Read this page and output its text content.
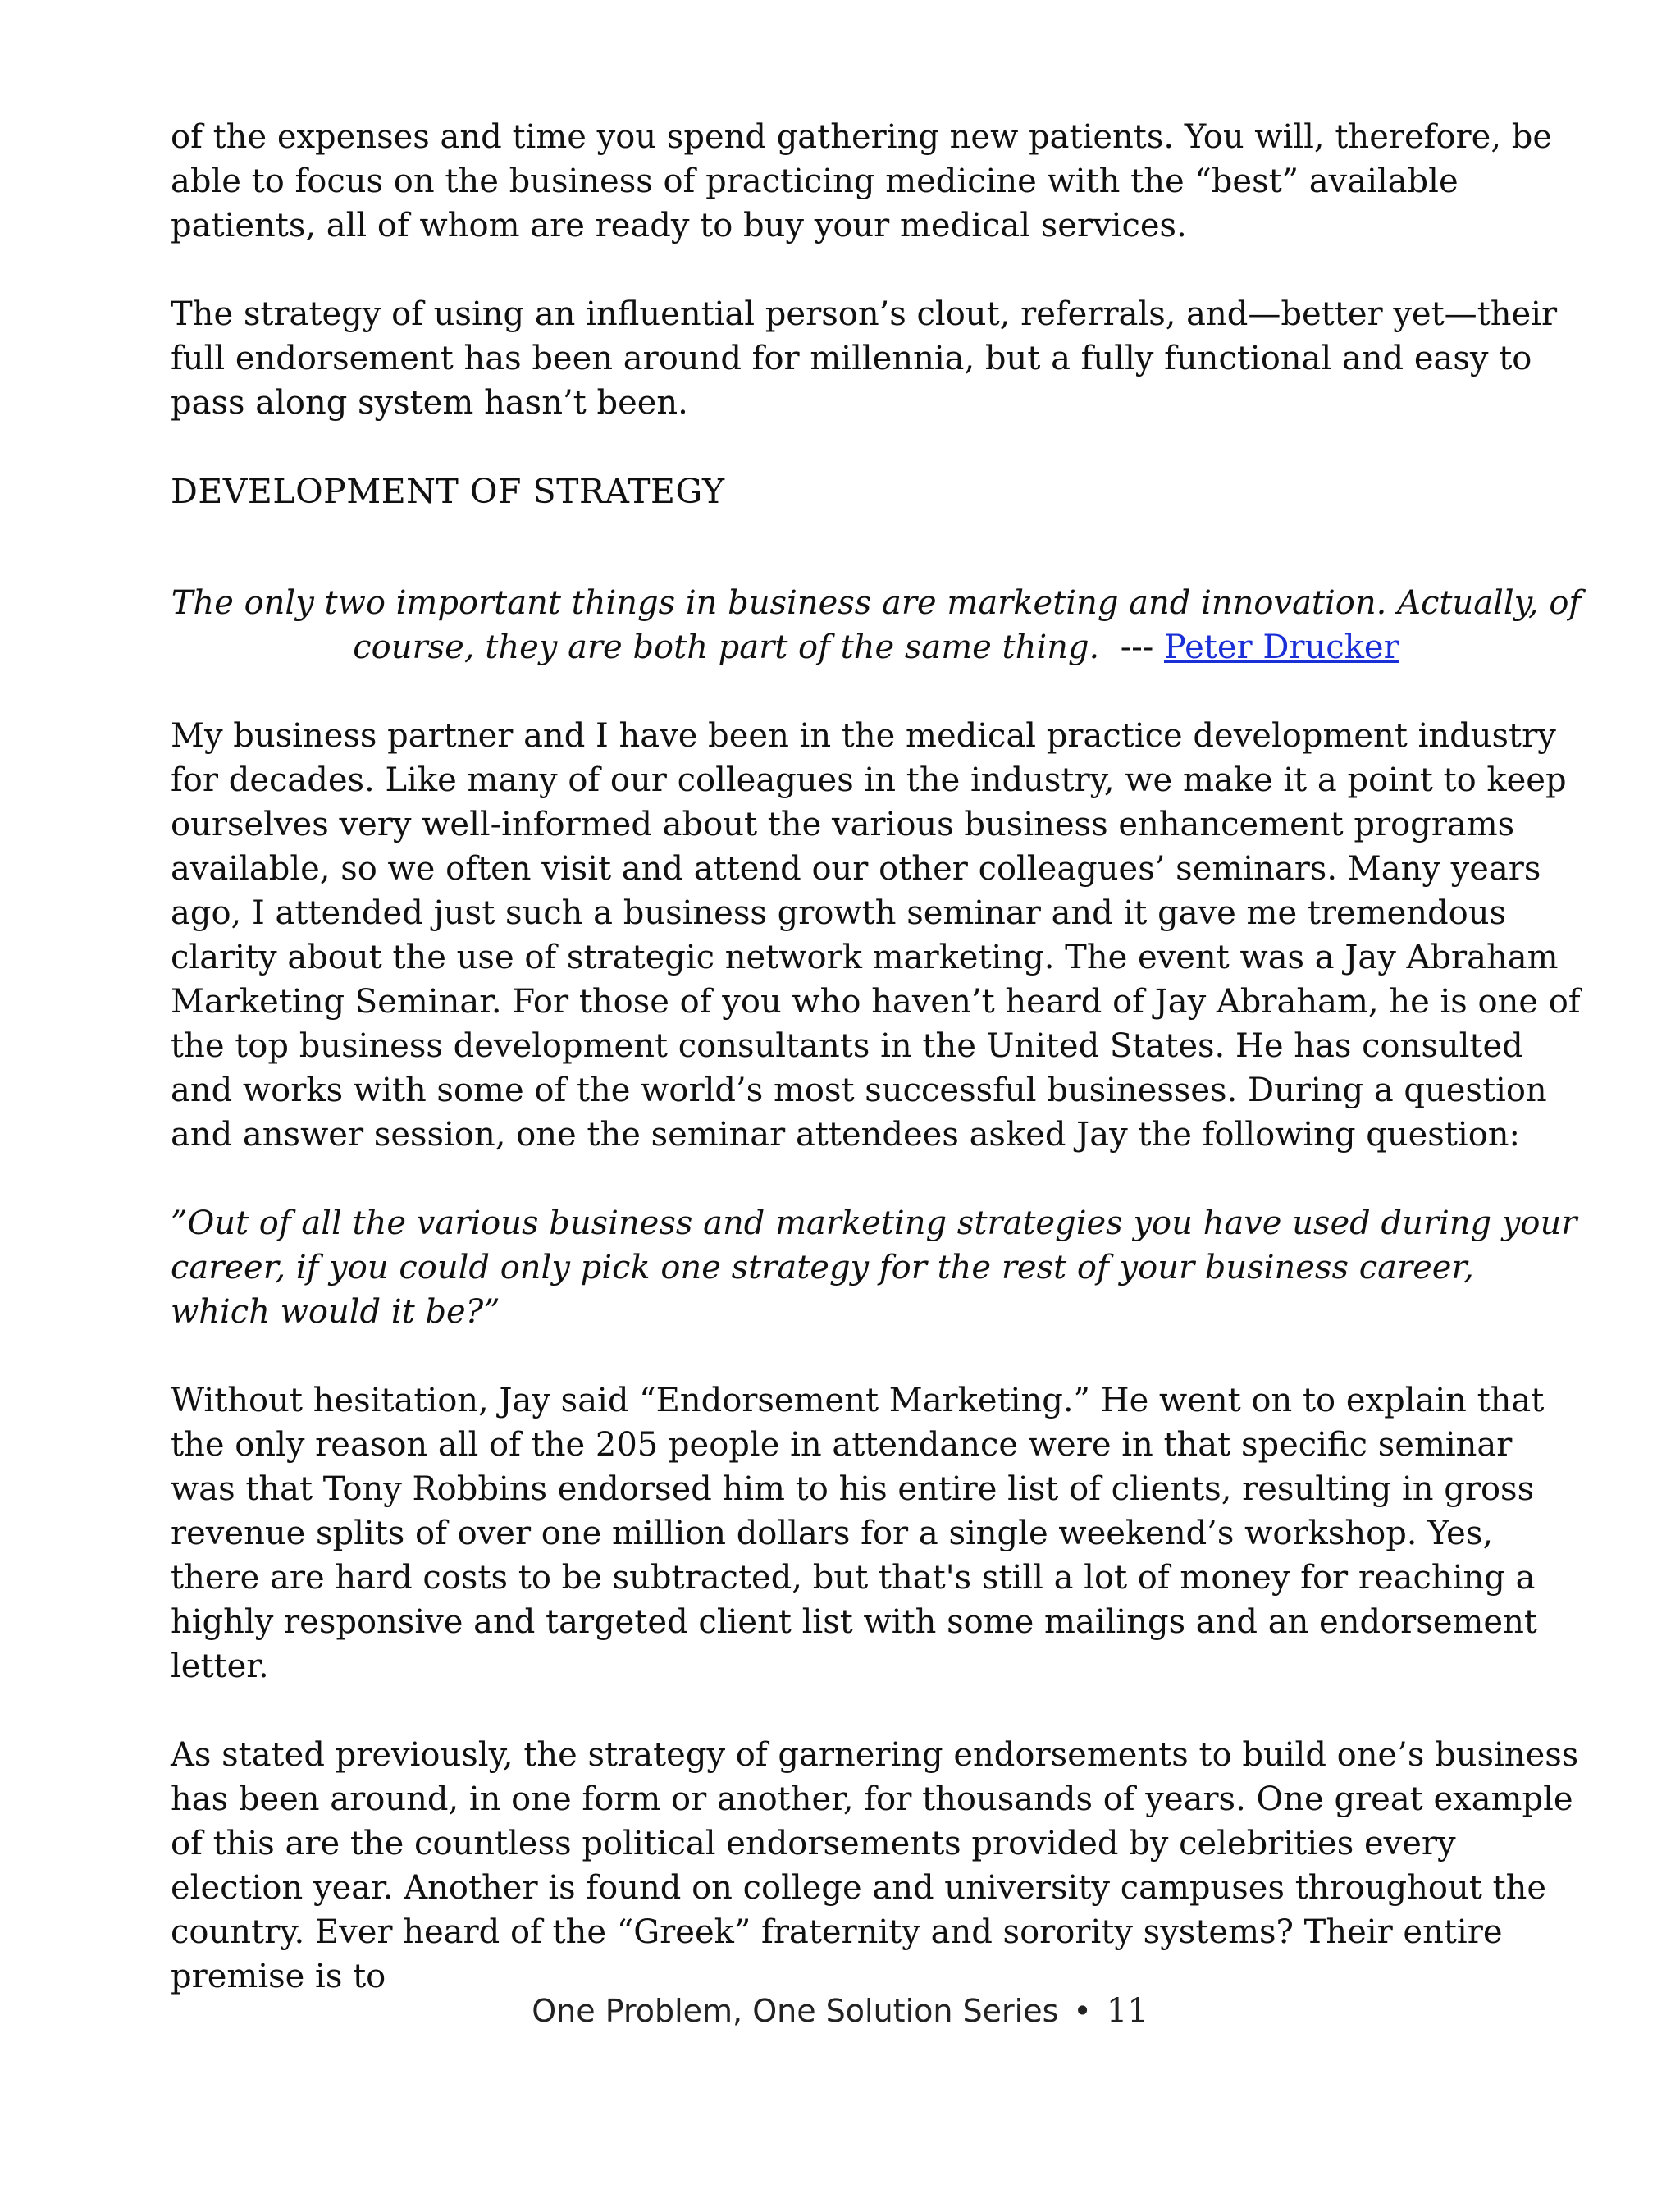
of the expenses and time you spend gathering new patients. You will, therefore, be able to focus on the business of practicing medicine with the “best” available patients, all of whom are ready to buy your medical services.

The strategy of using an influential person’s clout, referrals, and—better yet—their full endorsement has been around for millennia, but a fully functional and easy to pass along system hasn’t been.

DEVELOPMENT OF STRATEGY

The only two important things in business are marketing and innovation. Actually, of course, they are both part of the same thing. --- Peter Drucker

My business partner and I have been in the medical practice development industry for decades. Like many of our colleagues in the industry, we make it a point to keep ourselves very well-informed about the various business enhancement programs available, so we often visit and attend our other colleagues’ seminars. Many years ago, I attended just such a business growth seminar and it gave me tremendous clarity about the use of strategic network marketing. The event was a Jay Abraham Marketing Seminar. For those of you who haven’t heard of Jay Abraham, he is one of the top business development consultants in the United States. He has consulted and works with some of the world’s most successful businesses. During a question and answer session, one the seminar attendees asked Jay the following question:

”Out of all the various business and marketing strategies you have used during your career, if you could only pick one strategy for the rest of your business career, which would it be?”

Without hesitation, Jay said “Endorsement Marketing.” He went on to explain that the only reason all of the 205 people in attendance were in that specific seminar was that Tony Robbins endorsed him to his entire list of clients, resulting in gross revenue splits of over one million dollars for a single weekend’s workshop. Yes, there are hard costs to be subtracted, but that's still a lot of money for reaching a highly responsive and targeted client list with some mailings and an endorsement letter.

As stated previously, the strategy of garnering endorsements to build one’s business has been around, in one form or another, for thousands of years. One great example of this are the countless political endorsements provided by celebrities every election year. Another is found on college and university campuses throughout the country. Ever heard of the “Greek” fraternity and sorority systems? Their entire premise is to

One Problem, One Solution Series • 11
